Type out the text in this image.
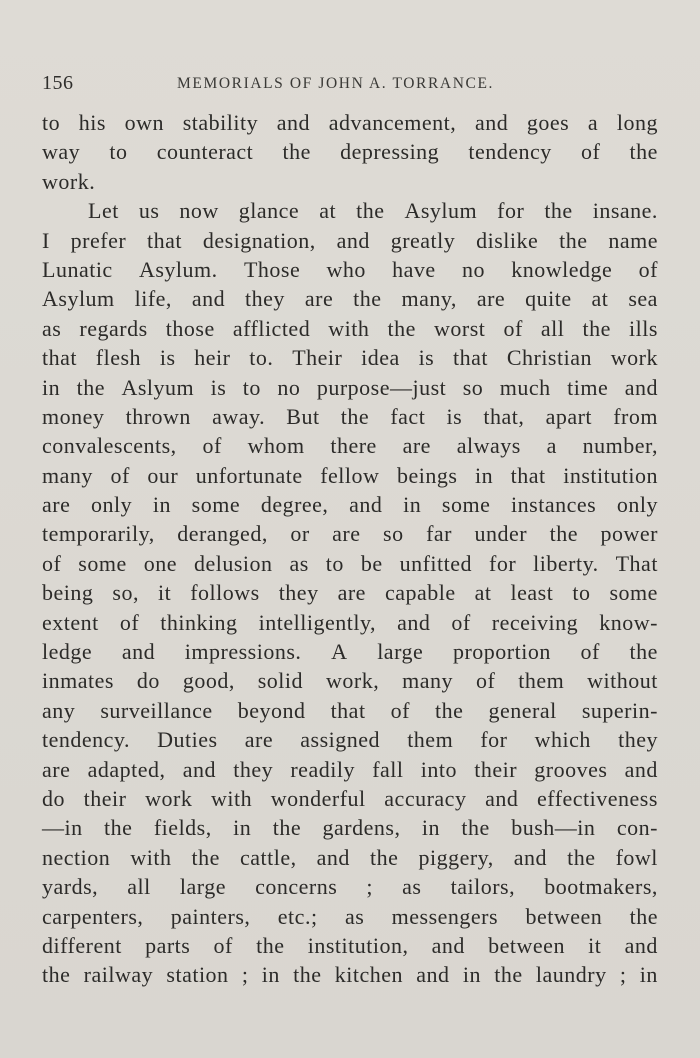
156	MEMORIALS OF JOHN A. TORRANCE.
to his own stability and advancement, and goes a long
way to counteract the depressing tendency of the
work.
Let us now glance at the Asylum for the insane.
I prefer that designation, and greatly dislike the name
Lunatic Asylum. Those who have no knowledge of
Asylum life, and they are the many, are quite at sea
as regards those afflicted with the worst of all the ills
that flesh is heir to. Their idea is that Christian work
in the Aslyum is to no purpose—just so much time and
money thrown away. But the fact is that, apart from
convalescents, of whom there are always a number,
many of our unfortunate fellow beings in that institution
are only in some degree, and in some instances only
temporarily, deranged, or are so far under the power
of some one delusion as to be unfitted for liberty. That
being so, it follows they are capable at least to some
extent of thinking intelligently, and of receiving know-
ledge and impressions. A large proportion of the
inmates do good, solid work, many of them without
any surveillance beyond that of the general superin-
tendency. Duties are assigned them for which they
are adapted, and they readily fall into their grooves and
do their work with wonderful accuracy and effectiveness
—in the fields, in the gardens, in the bush—in con-
nection with the cattle, and the piggery, and the fowl
yards, all large concerns ; as tailors, bootmakers,
carpenters, painters, etc.; as messengers between the
different parts of the institution, and between it and
the railway station ; in the kitchen and in the laundry ; in
